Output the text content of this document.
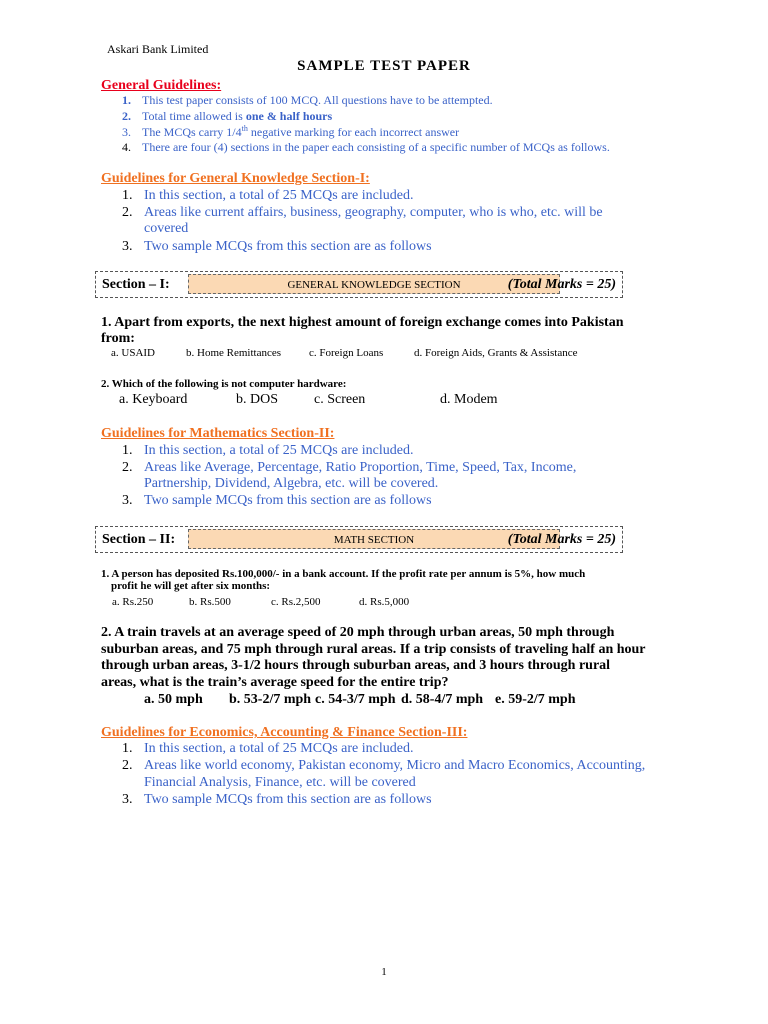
Askari Bank Limited
SAMPLE TEST PAPER
General Guidelines:
1. This test paper consists of 100 MCQ. All questions have to be attempted.
2. Total time allowed is one & half hours
3. The MCQs carry 1/4th negative marking for each incorrect answer
4. There are four (4) sections in the paper each consisting of a specific number of MCQs as follows.
Guidelines for General Knowledge Section-I:
1. In this section, a total of 25 MCQs are included.
2. Areas like current affairs, business, geography, computer, who is who, etc. will be
covered
3. Two sample MCQs from this section are as follows
Section – I:	GENERAL KNOWLEDGE SECTION	(Total Marks = 25)
1. Apart from exports, the next highest amount of foreign exchange comes into Pakistan
from:
a. USAID	b. Home Remittances	c. Foreign Loans	d. Foreign Aids, Grants & Assistance
2. Which of the following is not computer hardware:
a. Keyboard	b. DOS	c. Screen	d. Modem
Guidelines for Mathematics Section-II:
1. In this section, a total of 25 MCQs are included.
2. Areas like Average, Percentage, Ratio Proportion, Time, Speed, Tax, Income,
Partnership, Dividend, Algebra, etc. will be covered.
3. Two sample MCQs from this section are as follows
Section – II:	MATH SECTION	(Total Marks = 25)
1. A person has deposited Rs.100,000/- in a bank account. If the profit rate per annum is 5%, how much
profit he will get after six months:
a. Rs.250	b. Rs.500	c. Rs.2,500	d. Rs.5,000
2. A train travels at an average speed of 20 mph through urban areas, 50 mph through
suburban areas, and 75 mph through rural areas. If a trip consists of traveling half an hour
through urban areas, 3-1/2 hours through suburban areas, and 3 hours through rural
areas, what is the train’s average speed for the entire trip?
a. 50 mph	b. 53-2/7 mph c. 54-3/7 mph d. 58-4/7 mph e. 59-2/7 mph
Guidelines for Economics, Accounting & Finance Section-III:
1. In this section, a total of 25 MCQs are included.
2. Areas like world economy, Pakistan economy, Micro and Macro Economics, Accounting,
Financial Analysis, Finance, etc. will be covered
3. Two sample MCQs from this section are as follows
1
